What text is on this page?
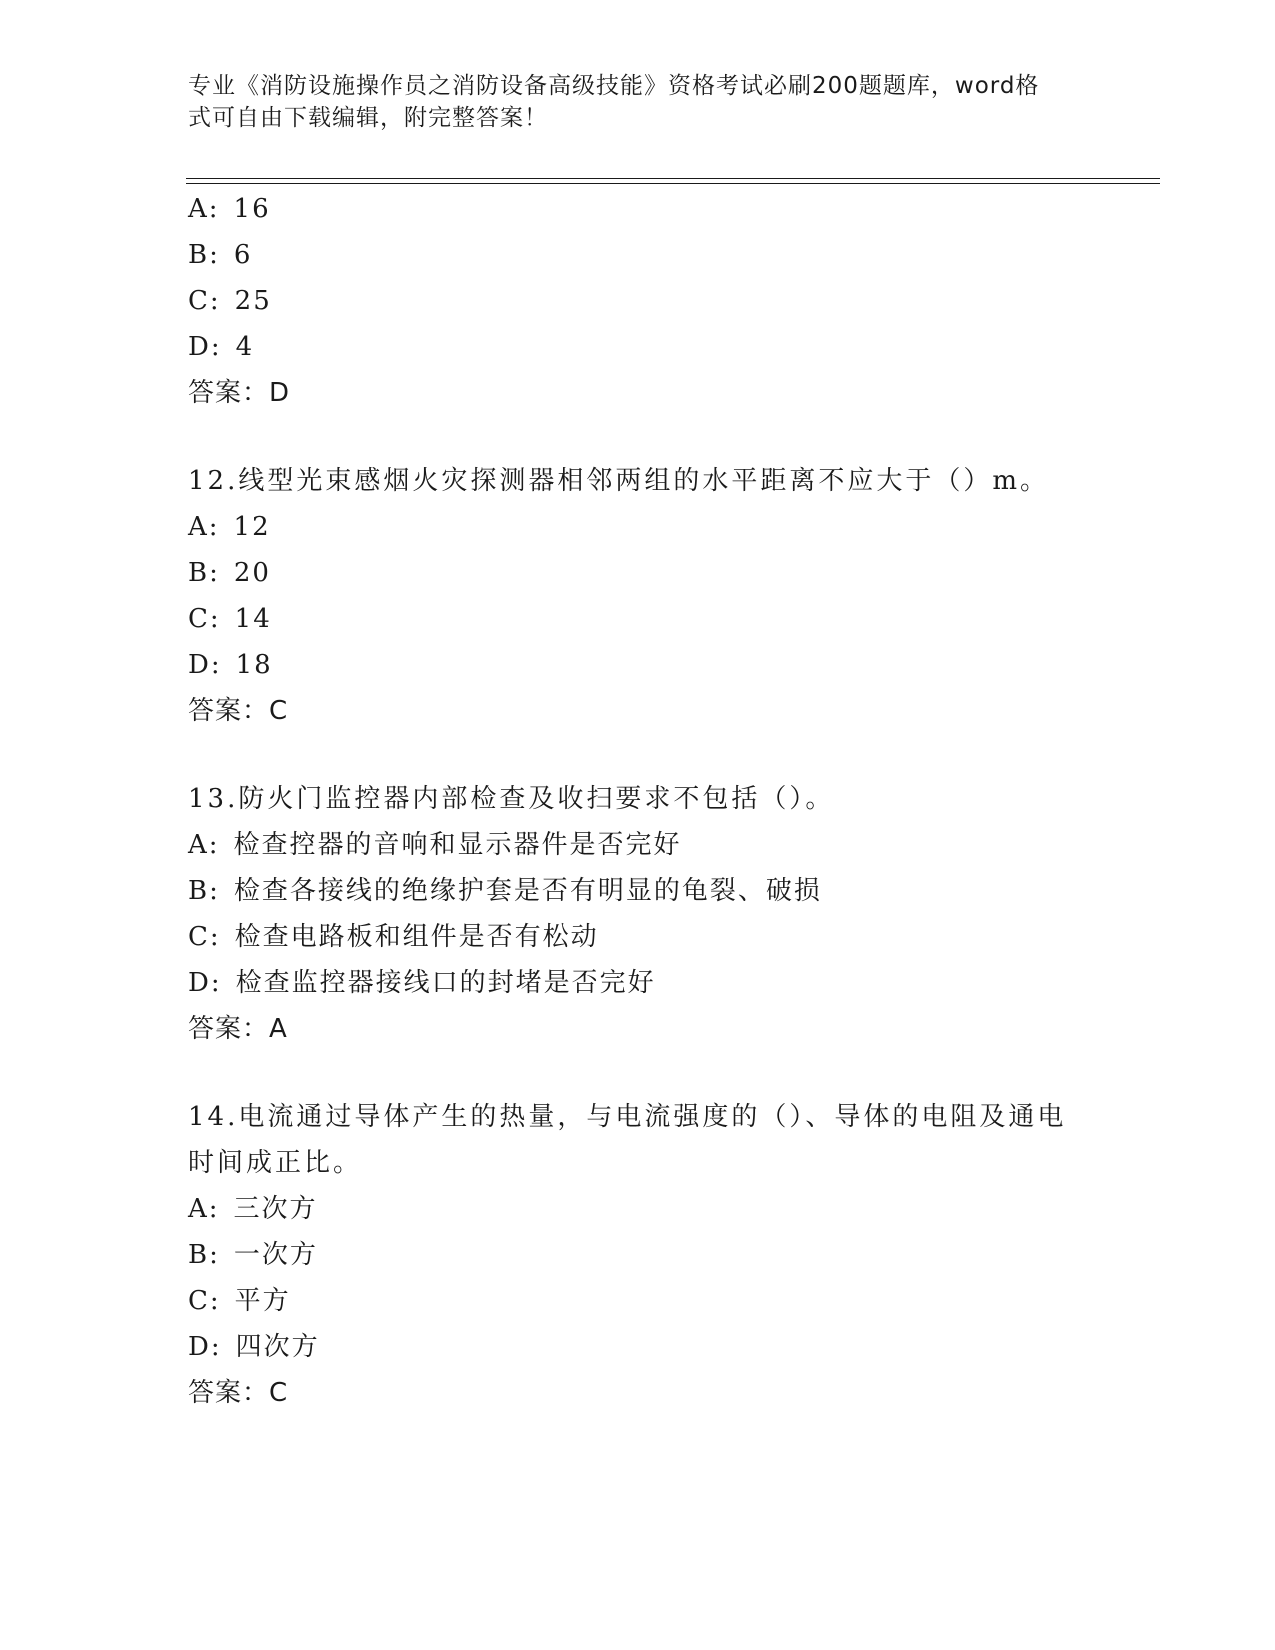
专业《消防设施操作员之消防设备高级技能》资格考试必刷200题题库，word格
式可自由下载编辑，附完整答案！
A: 16
B: 6
C: 25
D: 4
答案：D
12.线型光束感烟火灾探测器相邻两组的水平距离不应大于（）m。
A: 12
B: 20
C: 14
D: 18
答案：C
13.防火门监控器内部检查及收扫要求不包括（）。
A: 检查控器的音响和显示器件是否完好
B: 检查各接线的绝缘护套是否有明显的龟裂、破损
C: 检查电路板和组件是否有松动
D: 检查监控器接线口的封堵是否完好
答案：A
14.电流通过导体产生的热量，与电流强度的（）、导体的电阻及通电
时间成正比。
A: 三次方
B: 一次方
C: 平方
D: 四次方
答案：C
